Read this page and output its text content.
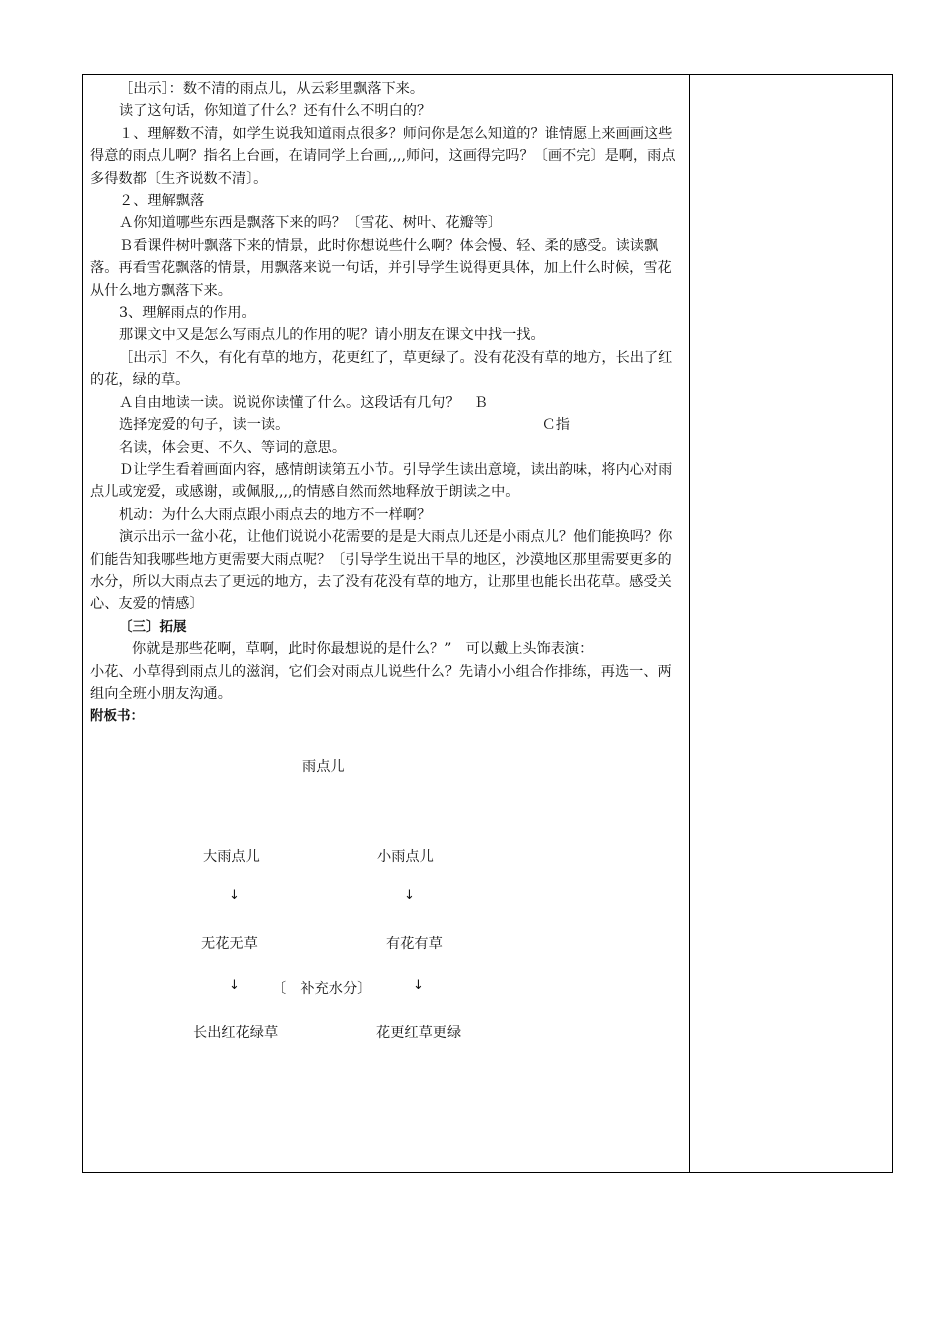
［出示］：数不清的雨点儿，从云彩里飘落下来。

读了这句话，你知道了什么？还有什么不明白的？

１、理解数不清，如学生说我知道雨点很多？师问你是怎么知道的？谁情愿上来画画这些得意的雨点儿啊？指名上台画，在请同学上台画,,,,师问，这画得完吗？〔画不完〕是啊，雨点多得数都〔生齐说数不清〕。

２、理解飘落

Ａ你知道哪些东西是飘落下来的吗？〔雪花、树叶、花瓣等〕

Ｂ看课件树叶飘落下来的情景，此时你想说些什么啊？体会慢、轻、柔的感受。读读飘落。再看雪花飘落的情景，用飘落来说一句话，并引导学生说得更具体，加上什么时候，雪花从什么地方飘落下来。

3、理解雨点的作用。

那课文中又是怎么写雨点儿的作用的呢？请小朋友在课文中找一找。

［出示］不久，有化有草的地方，花更红了，草更绿了。没有花没有草的地方，长出了红的花，绿的草。

Ａ自由地读一读。说说你读懂了什么。这段话有几句？　Ｂ

选择宠爱的句子，读一读。	Ｃ指

名读，体会更、不久、等词的意思。

Ｄ让学生看着画面内容，感情朗读第五小节。引导学生读出意境，读出韵味，将内心对雨点儿或宠爱，或感谢，或佩服,,,,的情感自然而然地释放于朗读之中。

机动：为什么大雨点跟小雨点去的地方不一样啊？

演示出示一盆小花，让他们说说小花需要的是是大雨点儿还是小雨点儿？他们能换吗？你们能告知我哪些地方更需要大雨点呢？〔引导学生说出干旱的地区，沙漠地区那里需要更多的水分，所以大雨点去了更远的地方，去了没有花没有草的地方，让那里也能长出花草。感受关心、友爱的情感〕

〔三〕拓展

你就是那些花啊，草啊，此时你最想说的是什么？”　可以戴上头饰表演：

小花、小草得到雨点儿的滋润，它们会对雨点儿说些什么？先请小小组合作排练，再选一、两组向全班小朋友沟通。

附板书：

雨点儿
大雨点儿	小雨点儿
↓	↓
无花无草	有花有草
↓ 〔　补充水分〕	↓
长出红花绿草	花更红草更绿
